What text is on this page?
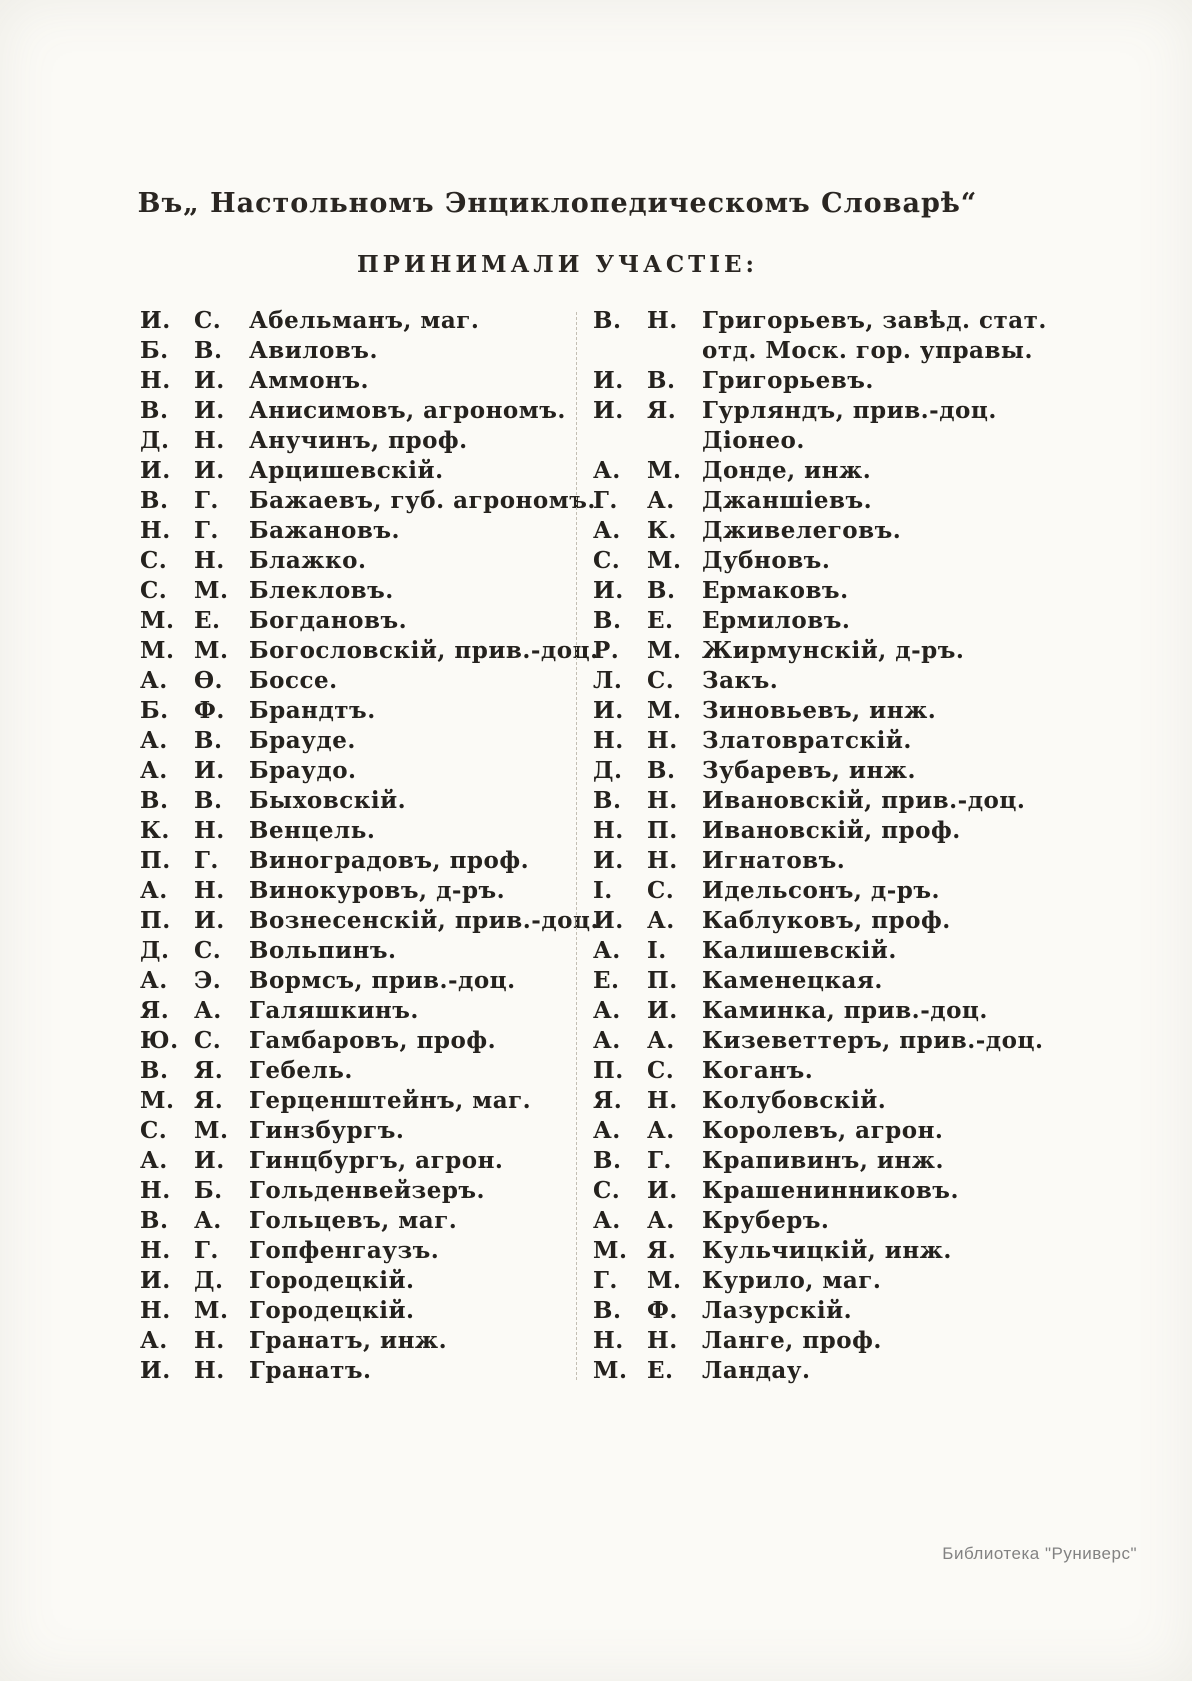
Въ„ Настольномъ Энциклопедическомъ Словарѣ“
ПРИНИМАЛИ УЧАСТІЕ:
И.	С.	Абельманъ, маг.
Б.	В.	Авиловъ.
Н.	И.	Аммонъ.
В.	И.	Анисимовъ, агрономъ.
Д.	Н.	Анучинъ, проф.
И.	И.	Арцишевскій.
В.	Г.	Бажаевъ, губ. агрономъ.
Н.	Г.	Бажановъ.
С.	Н.	Блажко.
С.	М. Блекловъ.
М. Е.	Богдановъ.
М. М. Богословскій, прив.-доц.
А.	Ѳ.	Боссе.
Б.	Ф.	Брандтъ.
А.	В.	Брауде.
А.	И.	Браудо.
В.	В.	Быховскій.
К.	Н.	Венцель.
П.	Г.	Виноградовъ, проф.
А.	Н.	Винокуровъ, д-ръ.
П.	И.	Вознесенскій, прив.-доц.
Д.	С.	Вольпинъ.
А.	Э.	Вормсъ, прив.-доц.
Я.	А.	Галяшкинъ.
Ю. С.	Гамбаровъ, проф.
В.	Я.	Гебель.
М. Я.	Герценштейнъ, маг.
С.	М. Гинзбургъ.
А.	И.	Гинцбургъ, агрон.
Н.	Б.	Гольденвейзеръ.
В.	А.	Гольцевъ, маг.
Н.	Г.	Гопфенгаузъ.
И.	Д.	Городецкій.
Н.	М. Городецкій.
А.	Н.	Гранатъ, инж.
И.	Н.	Гранатъ.
В.	Н.	Григорьевъ, завѣд. стат.
отд. Моск. гор. управы.
И.	В.	Григорьевъ.
И.	Я.	Гурляндъ, прив.-доц.
Діонео.
А.	М. Донде, инж.
Г.	А.	Джаншіевъ.
А.	К.	Дживелеговъ.
С.	М. Дубновъ.
И.	В.	Ермаковъ.
В.	Е.	Ермиловъ.
Р.	М. Жирмунскій, д-ръ.
Л.	С.	Закъ.
И.	М. Зиновьевъ, инж.
Н.	Н.	Златовратскій.
Д.	В.	Зубаревъ, инж.
В.	Н.	Ивановскій, прив.-доц.
Н.	П.	Ивановскій, проф.
И.	Н.	Игнатовъ.
І.	С.	Идельсонъ, д-ръ.
И.	А.	Каблуковъ, проф.
А.	І.	Калишевскій.
Е.	П.	Каменецкая.
А.	И.	Каминка, прив.-доц.
А.	А.	Кизеветтеръ, прив.-доц.
П.	С.	Коганъ.
Я.	Н.	Колубовскій.
А.	А.	Королевъ, агрон.
В.	Г.	Крапивинъ, инж.
С.	И.	Крашенинниковъ.
А.	А.	Круберъ.
М. Я.	Кульчицкій, инж.
Г.	М. Курило, маг.
В.	Ф.	Лазурскій.
Н.	Н.	Ланге, проф.
М. Е.	Ландау.
Библиотека "Руниверс"
